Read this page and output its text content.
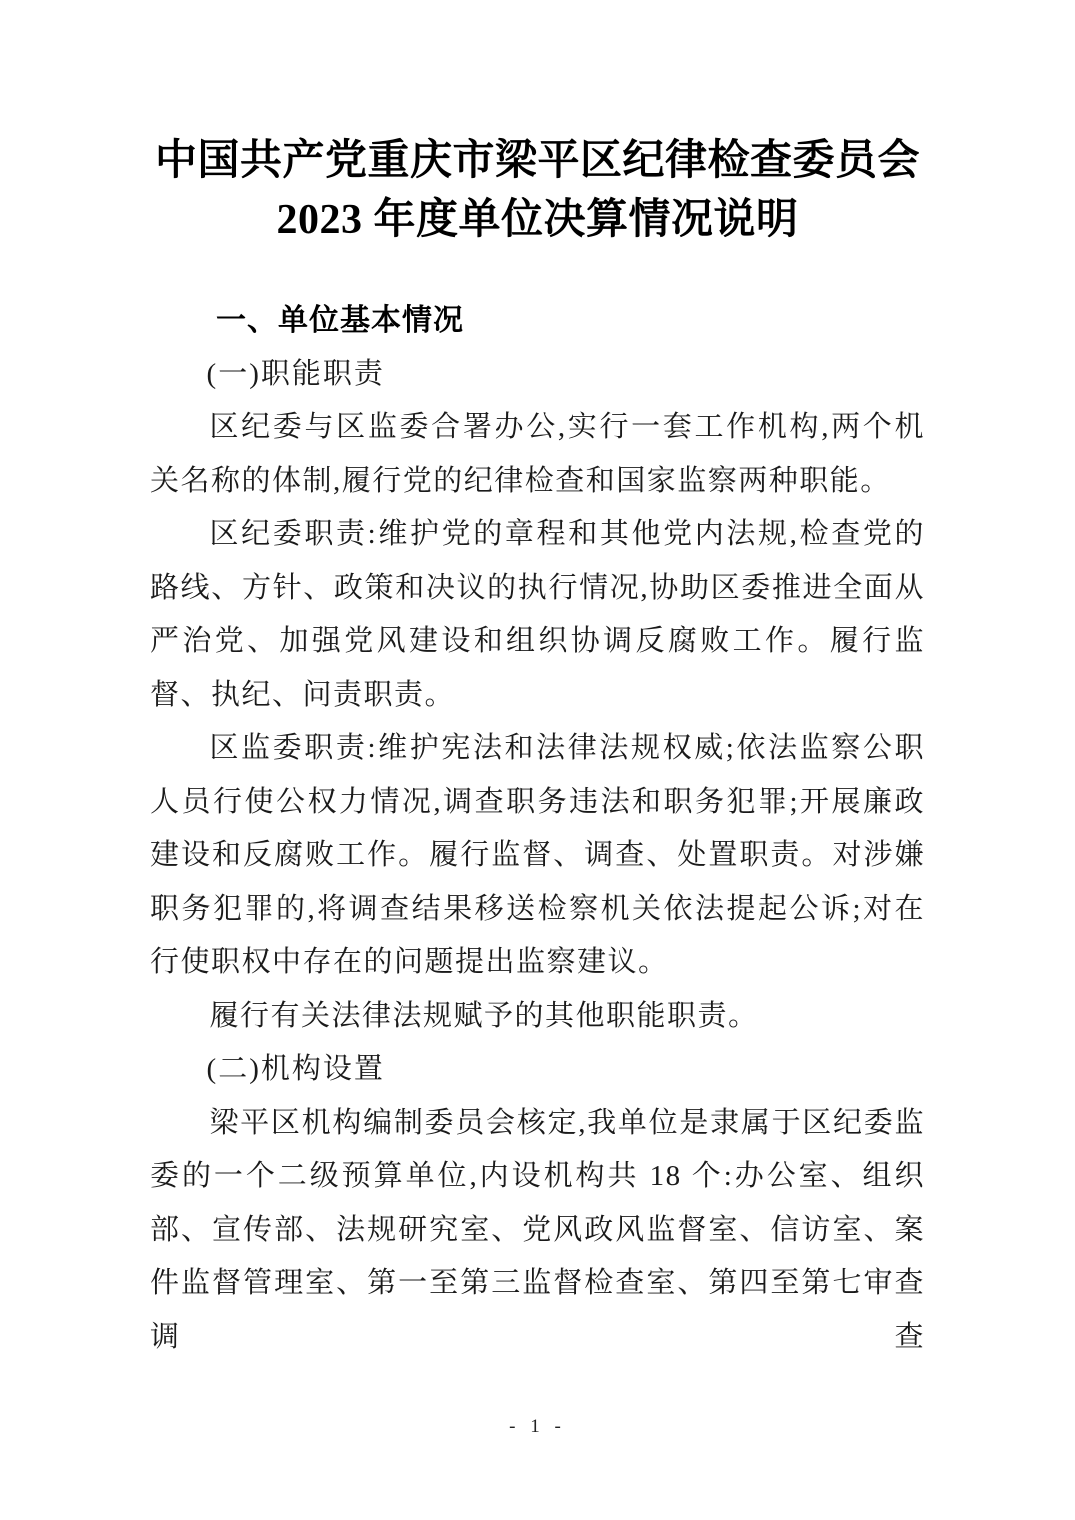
中国共产党重庆市梁平区纪律检查委员会
2023 年度单位决算情况说明
一、单位基本情况
(一)职能职责

区纪委与区监委合署办公,实行一套工作机构,两个机关名称的体制,履行党的纪律检查和国家监察两种职能。

区纪委职责:维护党的章程和其他党内法规,检查党的路线、方针、政策和决议的执行情况,协助区委推进全面从严治党、加强党风建设和组织协调反腐败工作。履行监督、执纪、问责职责。

区监委职责:维护宪法和法律法规权威;依法监察公职人员行使公权力情况,调查职务违法和职务犯罪;开展廉政建设和反腐败工作。履行监督、调查、处置职责。对涉嫌职务犯罪的,将调查结果移送检察机关依法提起公诉;对在行使职权中存在的问题提出监察建议。

履行有关法律法规赋予的其他职能职责。

(二)机构设置

梁平区机构编制委员会核定,我单位是隶属于区纪委监委的一个二级预算单位,内设机构共 18 个:办公室、组织部、宣传部、法规研究室、党风政风监督室、信访室、案件监督管理室、第一至第三监督检查室、第四至第七审查调查

- 1 -
